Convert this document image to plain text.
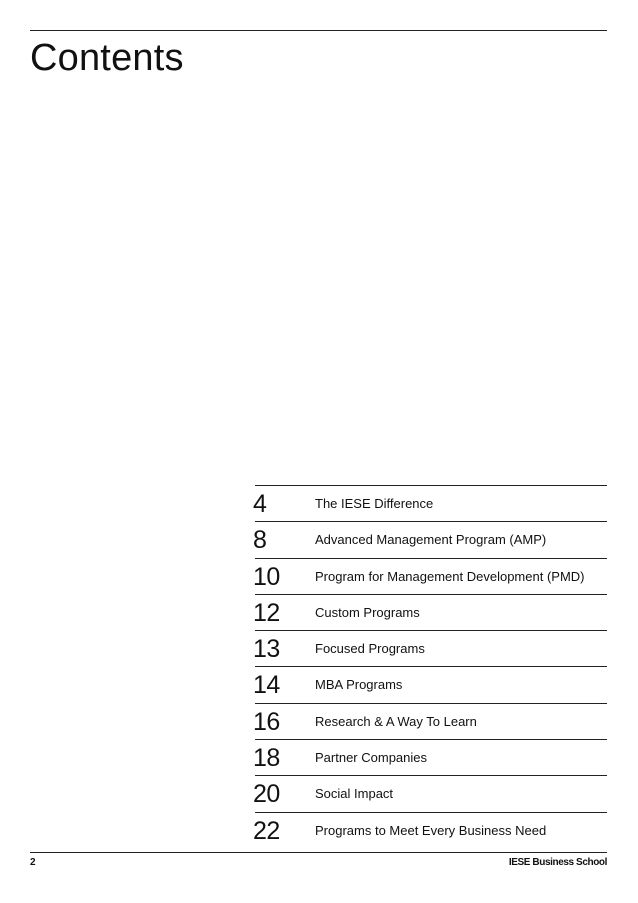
Contents
4	The IESE Difference
8	Advanced Management Program (AMP)
10	Program for Management Development (PMD)
12	Custom Programs
13	Focused Programs
14	MBA Programs
16	Research & A Way To Learn
18	Partner Companies
20	Social Impact
22	Programs to Meet Every Business Need
2	IESE Business School
